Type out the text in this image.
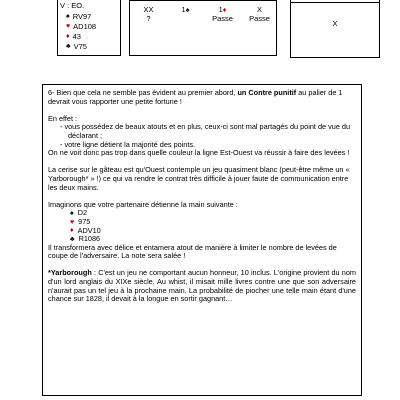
V : EO.
♠ RV97
♥ AD108
♦ 43
♣ V75
XX
?
1♠	1♦
Passe
X
Passe
X

6- Bien que cela ne semble pas évident au premier abord, un Contre punitif au palier de 1 devrait vous rapporter une petite fortune !

En effet :

- vous possédez de beaux atouts et en plus, ceux-ci sont mal partagés du point de vue du déclarant ;

- votre ligne détient la majorité des points.

On ne voit donc pas trop dans quelle couleur la ligne Est-Ouest va réussir à faire des levées !

La cerise sur le gâteau est qu'Ouest contemple un jeu quasiment blanc (peut-être même un « Yarborough* » !) ce qui va rendre le contrat très difficile à jouer faute de communication entre les deux mains.

Imaginons que votre partenaire détienne la main suivante :

♠ D2
♥ 975
♦ ADV10
♣ R1086

Il transformera avec délice et entamera atout de manière à limiter le nombre de levées de coupe de l'adversaire. La note sera salée !

*Yarborough : C'est un jeu ne comportant aucun honneur, 10 inclus. L'origine provient du nom d'un lord anglais du XIXe siècle. Au whist, il misait mille livres contre une que son adversaire n'aurait pas un tel jeu à la prochaine main. La probabilité de piocher une telle main étant d'une chance sur 1828, il devait à la longue en sortir gagnant…
